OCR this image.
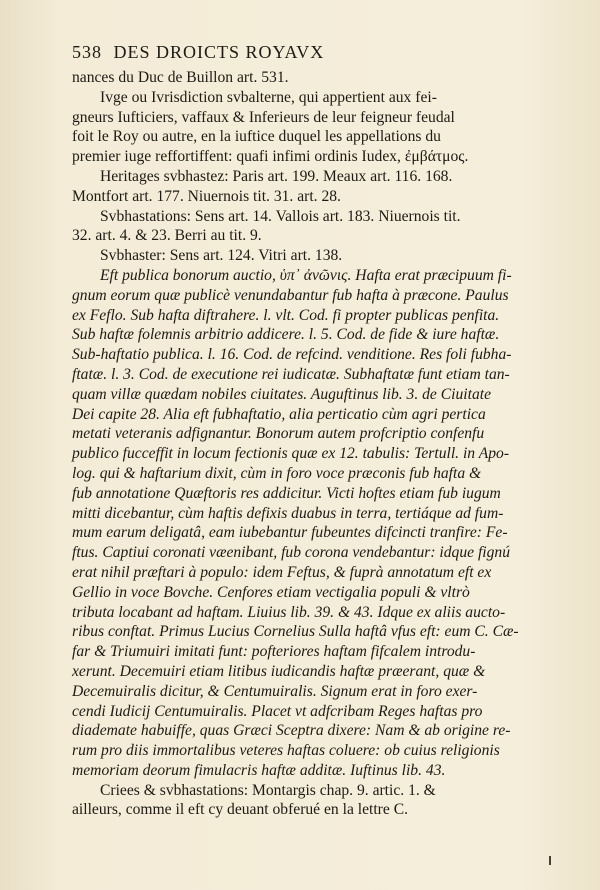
538 DES DROICTS ROYAVX

nances du Duc de Buillon art. 531.

Ivge ou Ivrisdiction svbalterne, qui appertient aux fei-

gneurs Iufticiers, vaffaux & Inferieurs de leur feigneur feudal

foit le Roy ou autre, en la iuftice duquel les appellations du

premier iuge reffortiffent: quafi infimi ordinis Iudex, ἐμβάτμος.

Heritages svbhastez: Paris art. 199. Meaux art. 116. 168.

Montfort art. 177. Niuernois tit. 31. art. 28.

Svbhastations: Sens art. 14. Vallois art. 183. Niuernois tit.

32. art. 4. & 23. Berri au tit. 9.

Svbhaster: Sens art. 124. Vitri art. 138.

Eft publica bonorum auctio, ὑπ᾿ ἀνῶνις. Hafta erat præcipuum fi-

gnum eorum quæ publicè venundabantur fub hafta à præcone. Paulus

ex Feflo. Sub hafta diftrahere. l. vlt. Cod. fi propter publicas penfita.

Sub haftæ folemnis arbitrio addicere. l. 5. Cod. de fide & iure haftæ.

Sub-haftatio publica. l. 16. Cod. de refcind. venditione. Res foli fubha-

ftatæ. l. 3. Cod. de executione rei iudicatæ. Subhaftatæ funt etiam tan-

quam villæ quædam nobiles ciuitates. Auguftinus lib. 3. de Ciuitate

Dei capite 28. Alia eft fubhaftatio, alia perticatio cùm agri pertica

metati veteranis adfignantur. Bonorum autem profcriptio confenfu

publico fucceffit in locum fectionis quæ ex 12. tabulis: Tertull. in Apo-

log. qui & haftarium dixit, cùm in foro voce præconis fub hafta &

fub annotatione Quæftoris res addicitur. Victi hoftes etiam fub iugum

mitti dicebantur, cùm haftis defixis duabus in terra, tertiáque ad fum-

mum earum deligatâ, eam iubebantur fubeuntes difcincti tranfire: Fe-

ftus. Captiui coronati væenibant, fub corona vendebantur: idque fignú

erat nihil præftari à populo: idem Feftus, & fuprà annotatum eft ex

Gellio in voce Bovche. Cenfores etiam vectigalia populi & vltrò

tributa locabant ad haftam. Liuius lib. 39. & 43. Idque ex aliis aucto-

ribus conftat. Primus Lucius Cornelius Sulla haftâ vfus eft: eum C. Cæ-

far & Triumuiri imitati funt: pofteriores haftam fifcalem introdu-

xerunt. Decemuiri etiam litibus iudicandis haftæ præerant, quæ &

Decemuiralis dicitur, & Centumuiralis. Signum erat in foro exer-

cendi Iudicij Centumuiralis. Placet vt adfcribam Reges haftas pro

diademate habuiffe, quas Græci Sceptra dixere: Nam & ab origine re-

rum pro diis immortalibus veteres haftas coluere: ob cuius religionis

memoriam deorum fimulacris haftæ additæ. Iuftinus lib. 43.

Criees & svbhastations: Montargis chap. 9. artic. 1. &

ailleurs, comme il eft cy deuant obferué en la lettre C.
